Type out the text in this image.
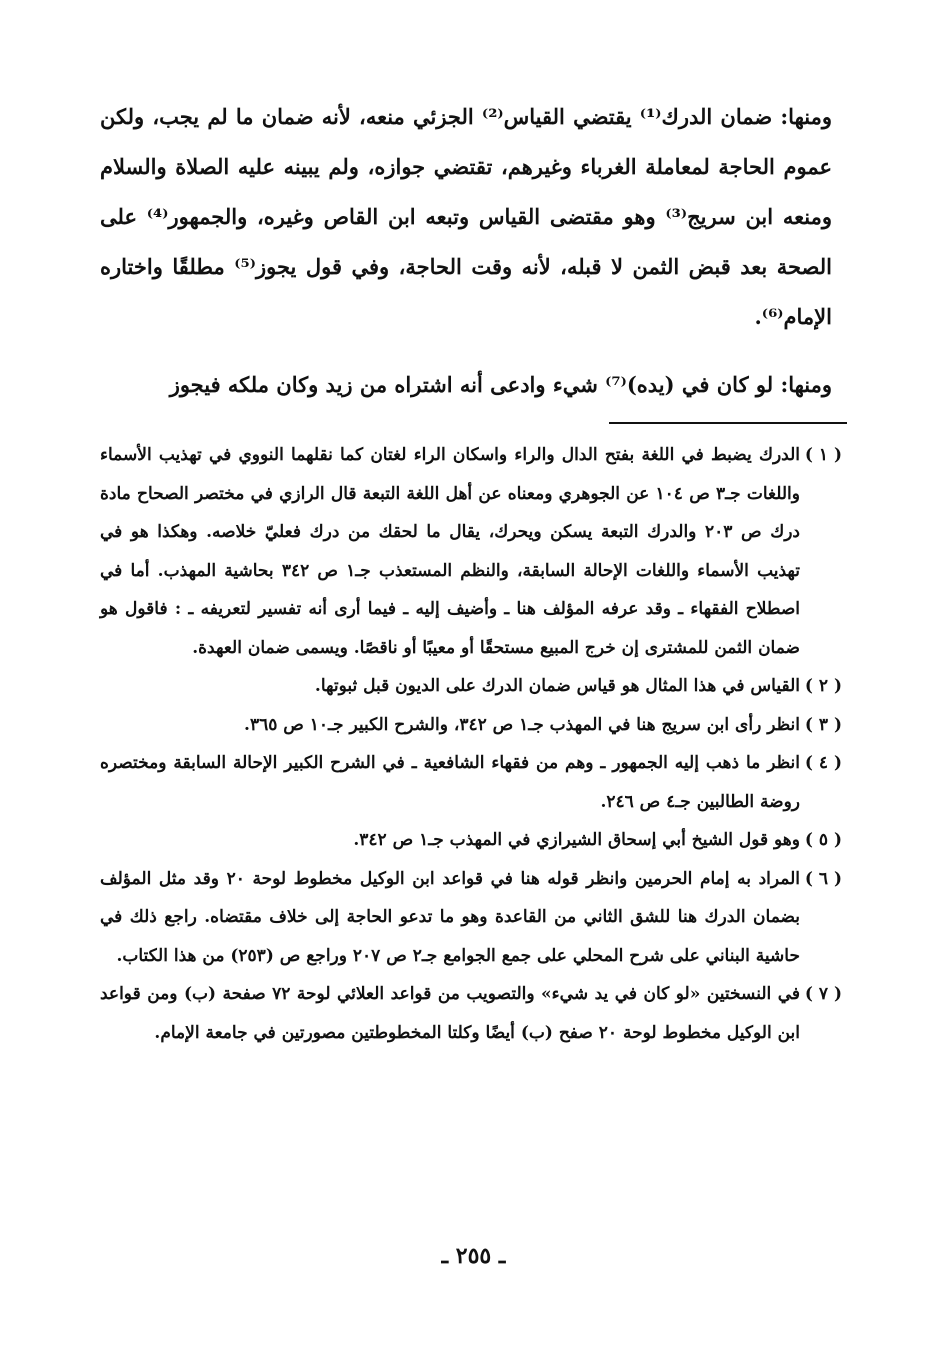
ومنها: ضمان الدرك⁽¹⁾ يقتضي القياس⁽²⁾ الجزئي منعه، لأنه ضمان ما لم يجب، ولكن عموم الحاجة لمعاملة الغرباء وغيرهم، تقتضي جوازه، ولم يبينه عليه الصلاة والسلام ومنعه ابن سريج⁽³⁾ وهو مقتضى القياس وتبعه ابن القاص وغيره، والجمهور⁽⁴⁾ على الصحة بعد قبض الثمن لا قبله، لأنه وقت الحاجة، وفي قول يجوز⁽⁵⁾ مطلقًا واختاره الإمام⁽⁶⁾.

ومنها: لو كان في (يده)⁽⁷⁾ شيء وادعى أنه اشتراه من زيد وكان ملكه فيجوز

( ١ )
الدرك يضبط في اللغة بفتح الدال والراء واسكان الراء لغتان كما نقلهما النووي في تهذيب الأسماء واللغات جـ٣ ص ١٠٤ عن الجوهري ومعناه عن أهل اللغة التبعة قال الرازي في مختصر الصحاح مادة درك ص ٢٠٣ والدرك التبعة يسكن ويحرك، يقال ما لحقك من درك فعليّ خلاصه. وهكذا هو في تهذيب الأسماء واللغات الإحالة السابقة، والنظم المستعذب جـ١ ص ٣٤٢ بحاشية المهذب. أما في اصطلاح الفقهاء ـ وقد عرفه المؤلف هنا ـ وأضيف إليه ـ فيما أرى أنه تفسير لتعريفه ـ : فاقول هو ضمان الثمن للمشترى إن خرج المبيع مستحقًا أو معيبًا أو ناقصًا. ويسمى ضمان العهدة.
( ٢ )
القياس في هذا المثال هو قياس ضمان الدرك على الديون قبل ثبوتها.
( ٣ )
انظر رأى ابن سريج هنا في المهذب جـ١ ص ٣٤٢، والشرح الكبير جـ١٠ ص ٣٦٥.
( ٤ )
انظر ما ذهب إليه الجمهور ـ وهم من فقهاء الشافعية ـ في الشرح الكبير الإحالة السابقة ومختصره روضة الطالبين جـ٤ ص ٢٤٦.
( ٥ )
وهو قول الشيخ أبي إسحاق الشيرازي في المهذب جـ١ ص ٣٤٢.
( ٦ )
المراد به إمام الحرمين وانظر قوله هنا في قواعد ابن الوكيل مخطوط لوحة ٢٠ وقد مثل المؤلف بضمان الدرك هنا للشق الثاني من القاعدة وهو ما تدعو الحاجة إلى خلاف مقتضاه. راجع ذلك في حاشية البناني على شرح المحلي على جمع الجوامع جـ٢ ص ٢٠٧ وراجع ص (٢٥٣) من هذا الكتاب.
( ٧ )
في النسختين «لو كان في يد شيء» والتصويب من قواعد العلائي لوحة ٧٢ صفحة (ب) ومن قواعد ابن الوكيل مخطوط لوحة ٢٠ صفح (ب) أيضًا وكلتا المخطوطتين مصورتين في جامعة الإمام.
ـ ٢٥٥ ـ
